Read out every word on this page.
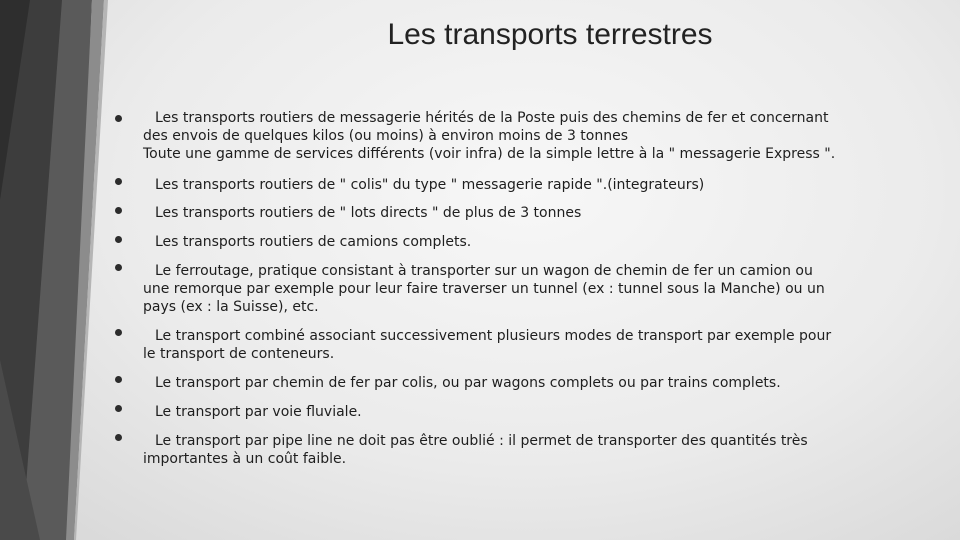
Les transports terrestres
Les transports routiers de messagerie hérités de la Poste puis des chemins de fer et concernant
des envois de quelques kilos (ou moins) à environ moins de 3 tonnes
Toute une gamme de services différents (voir infra) de la simple lettre à la " messagerie Express ".
Les transports routiers de " colis" du type " messagerie rapide ".(integrateurs)
Les transports routiers de " lots directs " de plus de 3 tonnes
Les transports routiers de camions complets.
Le ferroutage, pratique consistant à transporter sur un wagon de chemin de fer un camion ou
une remorque par exemple pour leur faire traverser un tunnel (ex : tunnel sous la Manche) ou un
pays (ex : la Suisse), etc.
Le transport combiné associant successivement plusieurs modes de transport par exemple pour
le transport de conteneurs.
Le transport par chemin de fer par colis, ou par wagons complets ou par trains complets.
Le transport par voie fluviale.
Le transport par pipe line ne doit pas être oublié : il permet de transporter des quantités très
importantes à un coût faible.
